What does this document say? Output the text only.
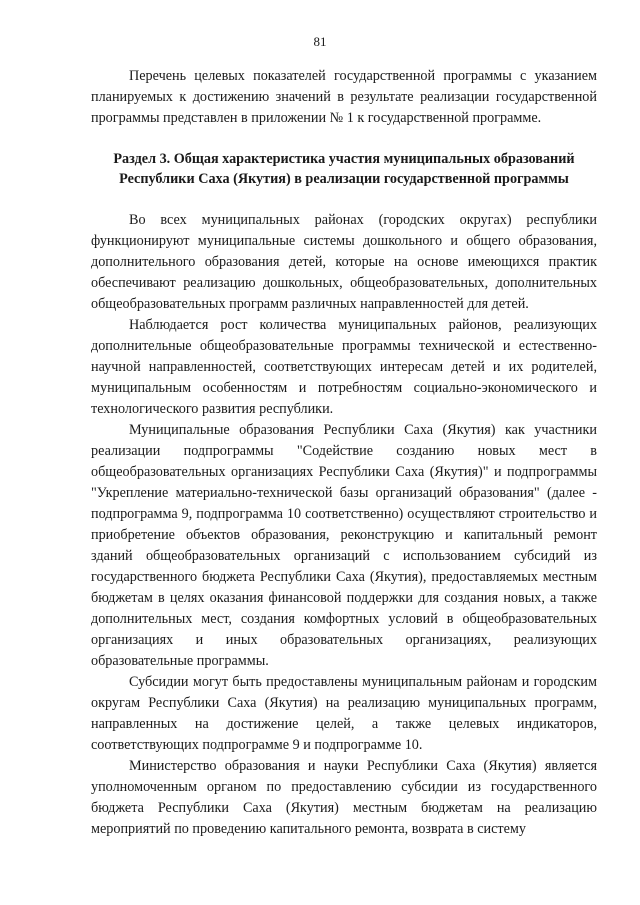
81

Перечень целевых показателей государственной программы с указанием планируемых к достижению значений в результате реализации государственной программы представлен в приложении № 1 к государственной программе.

Раздел 3. Общая характеристика участия муниципальных образований Республики Саха (Якутия) в реализации государственной программы

Во всех муниципальных районах (городских округах) республики функционируют муниципальные системы дошкольного и общего образования, дополнительного образования детей, которые на основе имеющихся практик обеспечивают реализацию дошкольных, общеобразовательных, дополнительных общеобразовательных программ различных направленностей для детей.

Наблюдается рост количества муниципальных районов, реализующих дополнительные общеобразовательные программы технической и естественно-научной направленностей, соответствующих интересам детей и их родителей, муниципальным особенностям и потребностям социально-экономического и технологического развития республики.

Муниципальные образования Республики Саха (Якутия) как участники реализации подпрограммы "Содействие созданию новых мест в общеобразовательных организациях Республики Саха (Якутия)" и подпрограммы "Укрепление материально-технической базы организаций образования" (далее - подпрограмма 9, подпрограмма 10 соответственно) осуществляют строительство и приобретение объектов образования, реконструкцию и капитальный ремонт зданий общеобразовательных организаций с использованием субсидий из государственного бюджета Республики Саха (Якутия), предоставляемых местным бюджетам в целях оказания финансовой поддержки для создания новых, а также дополнительных мест, создания комфортных условий в общеобразовательных организациях и иных образовательных организациях, реализующих образовательные программы.

Субсидии могут быть предоставлены муниципальным районам и городским округам Республики Саха (Якутия) на реализацию муниципальных программ, направленных на достижение целей, а также целевых индикаторов, соответствующих подпрограмме 9 и подпрограмме 10.

Министерство образования и науки Республики Саха (Якутия) является уполномоченным органом по предоставлению субсидии из государственного бюджета Республики Саха (Якутия) местным бюджетам на реализацию мероприятий по проведению капитального ремонта, возврата в систему
